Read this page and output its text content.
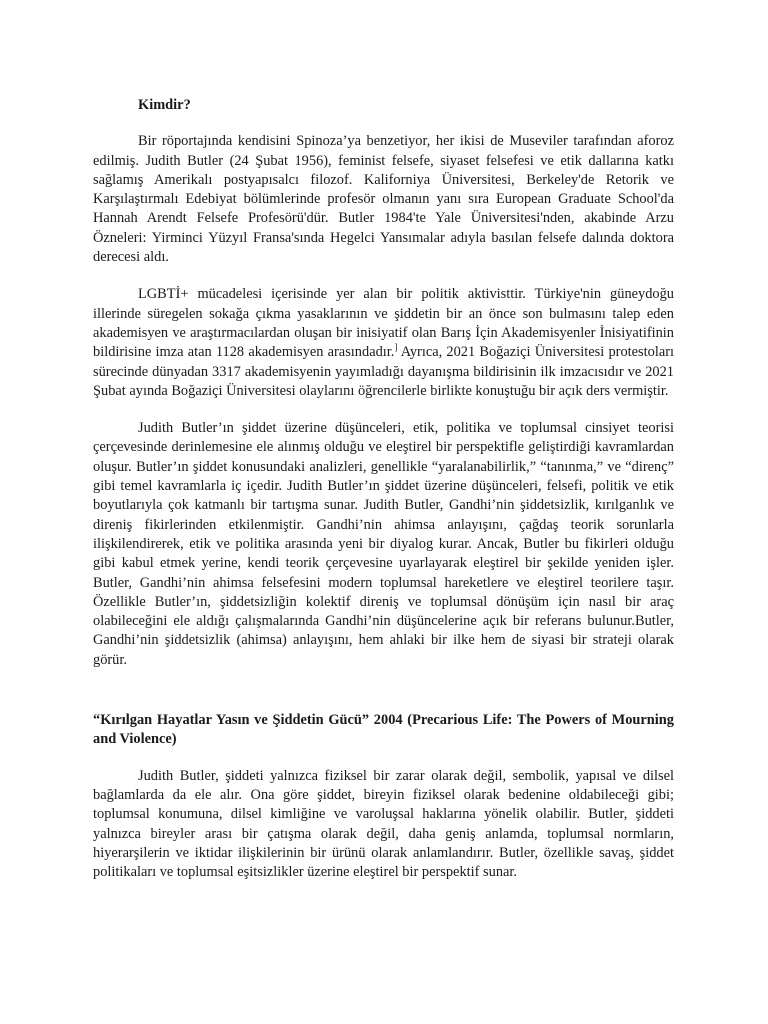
Kimdir?

Bir röportajında kendisini Spinoza’ya benzetiyor, her ikisi de Museviler tarafından aforoz edilmiş. Judith Butler (24 Şubat 1956), feminist felsefe, siyaset felsefesi ve etik dallarına katkı sağlamış Amerikalı postyapısalcı filozof. Kaliforniya Üniversitesi, Berkeley'de Retorik ve Karşılaştırmalı Edebiyat bölümlerinde profesör olmanın yanı sıra European Graduate School'da Hannah Arendt Felsefe Profesörü'dür. Butler 1984'te Yale Üniversitesi'nden, akabinde Arzu Özneleri: Yirminci Yüzyıl Fransa'sında Hegelci Yansımalar adıyla basılan felsefe dalında doktora derecesi aldı.

LGBTİ+ mücadelesi içerisinde yer alan bir politik aktivisttir. Türkiye'nin güneydoğu illerinde süregelen sokağa çıkma yasaklarının ve şiddetin bir an önce son bulmasını talep eden akademisyen ve araştırmacılardan oluşan bir inisiyatif olan Barış İçin Akademisyenler İnisiyatifinin bildirisine imza atan 1128 akademisyen arasındadır.] Ayrıca, 2021 Boğaziçi Üniversitesi protestoları sürecinde dünyadan 3317 akademisyenin yayımladığı dayanışma bildirisinin ilk imzacısıdır ve 2021 Şubat ayında Boğaziçi Üniversitesi olaylarını öğrencilerle birlikte konuştuğu bir açık ders vermiştir.

Judith Butler’ın şiddet üzerine düşünceleri, etik, politika ve toplumsal cinsiyet teorisi çerçevesinde derinlemesine ele alınmış olduğu ve eleştirel bir perspektifle geliştirdiği kavramlardan oluşur. Butler’ın şiddet konusundaki analizleri, genellikle “yaralanabilirlik,” “tanınma,” ve “direnç” gibi temel kavramlarla iç içedir. Judith Butler’ın şiddet üzerine düşünceleri, felsefi, politik ve etik boyutlarıyla çok katmanlı bir tartışma sunar. Judith Butler, Gandhi’nin şiddetsizlik, kırılganlık ve direniş fikirlerinden etkilenmiştir. Gandhi’nin ahimsa anlayışını, çağdaş teorik sorunlarla ilişkilendirerek, etik ve politika arasında yeni bir diyalog kurar. Ancak, Butler bu fikirleri olduğu gibi kabul etmek yerine, kendi teorik çerçevesine uyarlayarak eleştirel bir şekilde yeniden işler. Butler, Gandhi’nin ahimsa felsefesini modern toplumsal hareketlere ve eleştirel teorilere taşır. Özellikle Butler’ın, şiddetsizliğin kolektif direniş ve toplumsal dönüşüm için nasıl bir araç olabileceğini ele aldığı çalışmalarında Gandhi’nin düşüncelerine açık bir referans bulunur.Butler, Gandhi’nin şiddetsizlik (ahimsa) anlayışını, hem ahlaki bir ilke hem de siyasi bir strateji olarak görür.

“Kırılgan Hayatlar Yasın ve Şiddetin Gücü” 2004 (Precarious Life: The Powers of Mourning and Violence)

Judith Butler, şiddeti yalnızca fiziksel bir zarar olarak değil, sembolik, yapısal ve dilsel bağlamlarda da ele alır. Ona göre şiddet, bireyin fiziksel olarak bedenine oldabileceği gibi; toplumsal konumuna, dilsel kimliğine ve varoluşsal haklarına yönelik olabilir. Butler, şiddeti yalnızca bireyler arası bir çatışma olarak değil, daha geniş anlamda, toplumsal normların, hiyerarşilerin ve iktidar ilişkilerinin bir ürünü olarak anlamlandırır. Butler, özellikle savaş, şiddet politikaları ve toplumsal eşitsizlikler üzerine eleştirel bir perspektif sunar.
